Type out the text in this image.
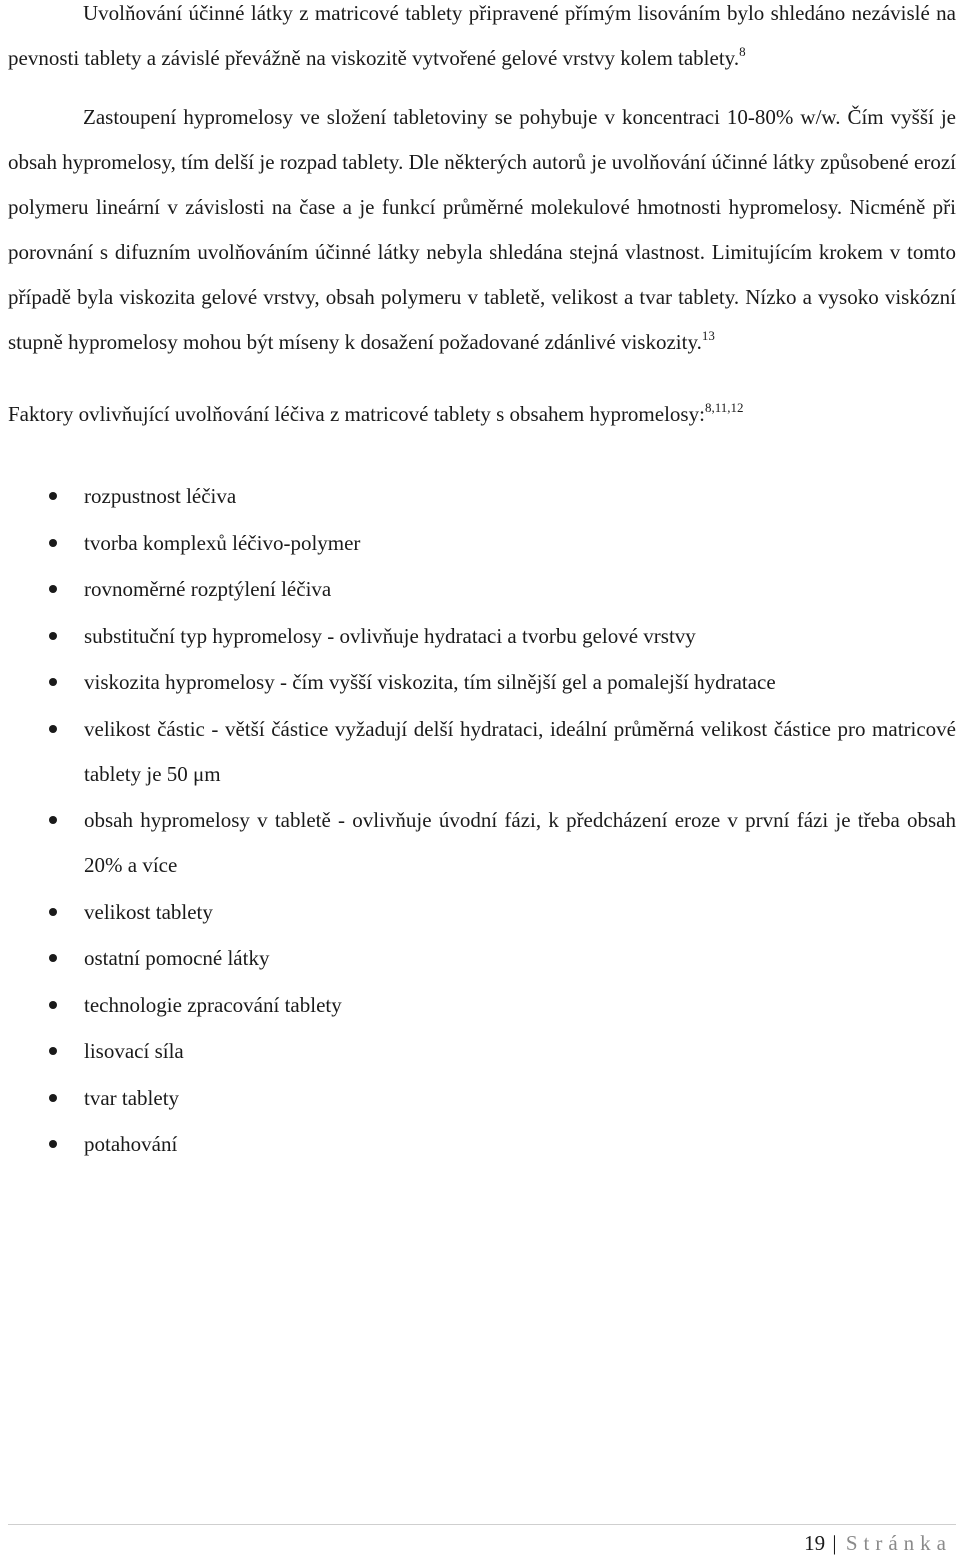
Uvolňování účinné látky z matricové tablety připravené přímým lisováním bylo shledáno nezávislé na pevnosti tablety a závislé převážně na viskozitě vytvořené gelové vrstvy kolem tablety.$^8$

Zastoupení hypromelosy ve složení tabletoviny se pohybuje v koncentraci 10-80% w/w. Čím vyšší je obsah hypromelosy, tím delší je rozpad tablety. Dle některých autorů je uvolňování účinné látky způsobené erozí polymeru lineární v závislosti na čase a je funkcí průměrné molekulové hmotnosti hypromelosy. Nicméně při porovnání s difuzním uvolňováním účinné látky nebyla shledána stejná vlastnost. Limitujícím krokem v tomto případě byla viskozita gelové vrstvy, obsah polymeru v tabletě, velikost a tvar tablety. Nízko a vysoko viskózní stupně hypromelosy mohou být míseny k dosažení požadované zdánlivé viskozity.$^{13}$

Faktory ovlivňující uvolňování léčiva z matricové tablety s obsahem hypromelosy:$^{8,11,12}$

rozpustnost léčiva
tvorba komplexů léčivo-polymer
rovnoměrné rozptýlení léčiva
substituční typ hypromelosy - ovlivňuje hydrataci a tvorbu gelové vrstvy
viskozita hypromelosy - čím vyšší viskozita, tím silnější gel a pomalejší hydratace
velikost částic - větší částice vyžadují delší hydrataci, ideální průměrná velikost částice pro matricové tablety je 50 μm
obsah hypromelosy v tabletě - ovlivňuje úvodní fázi, k předcházení eroze v první fázi je třeba obsah 20% a více
velikost tablety
ostatní pomocné látky
technologie zpracování tablety
lisovací síla
tvar tablety
potahování
19 | Stránka
